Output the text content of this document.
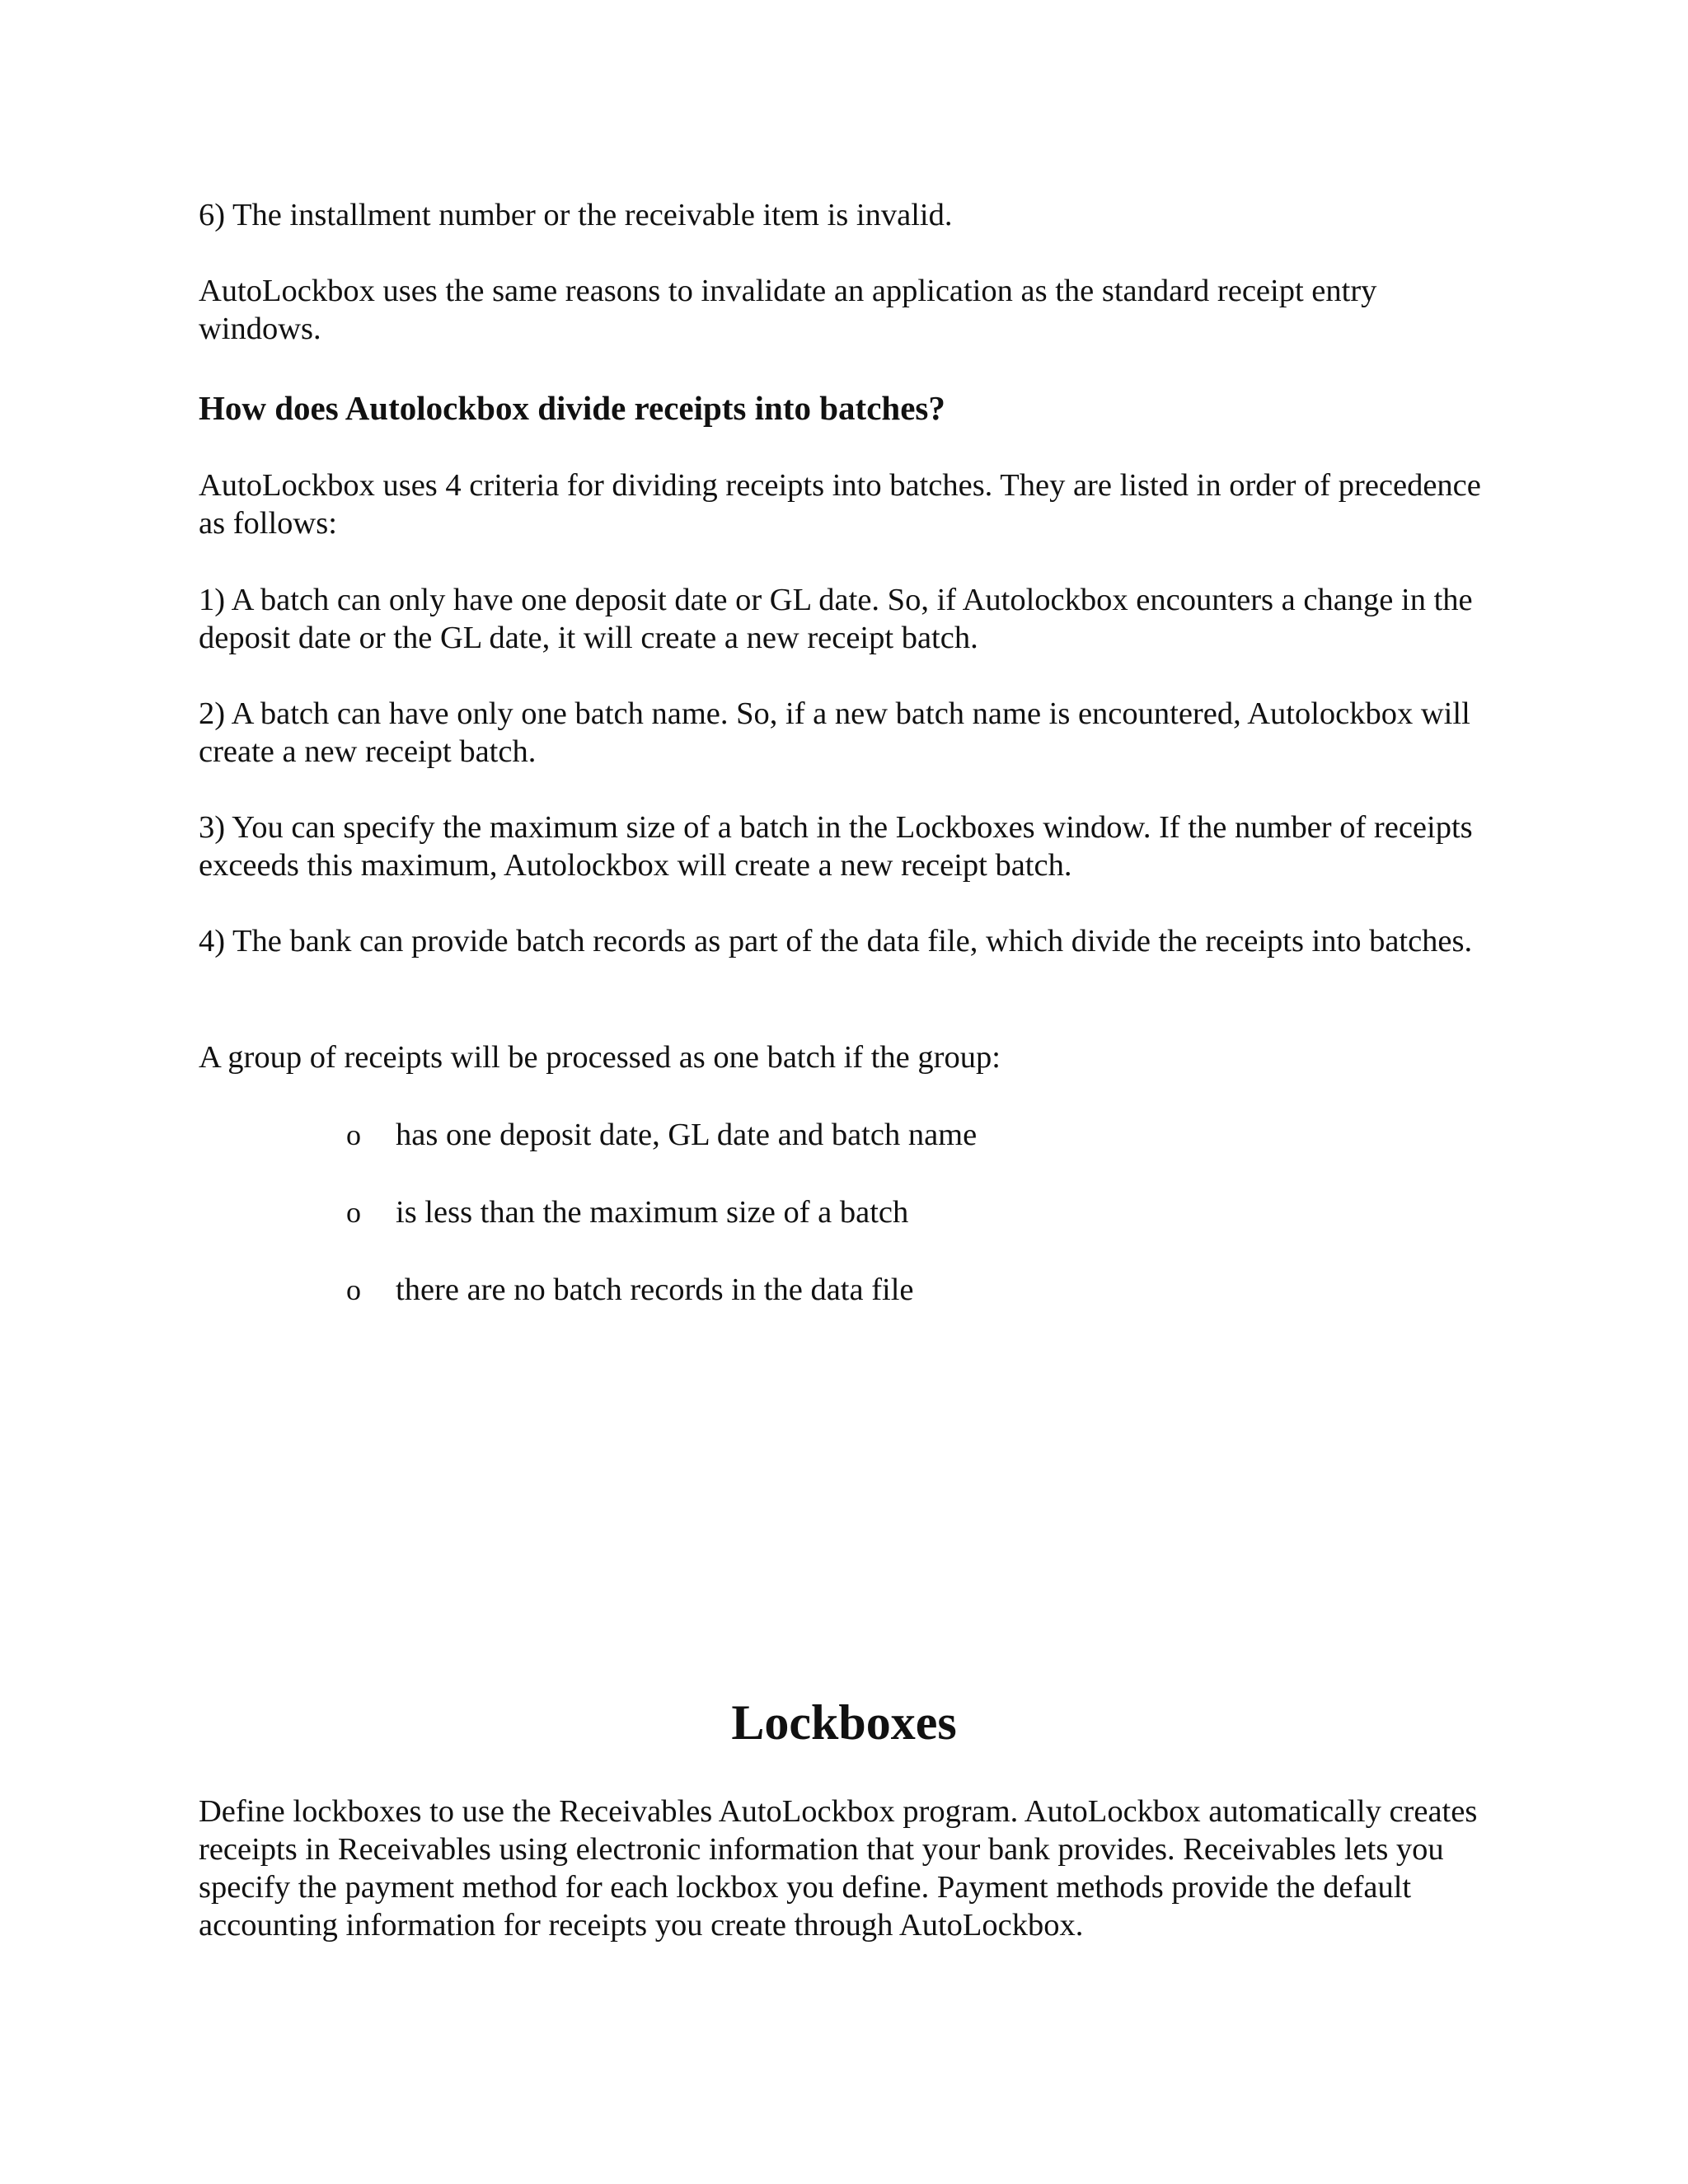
6) The installment number or the receivable item is invalid.

AutoLockbox uses the same reasons to invalidate an application as the standard receipt entry windows.

How does Autolockbox divide receipts into batches?

AutoLockbox uses 4 criteria for dividing receipts into batches. They are listed in order of precedence as follows:

1) A batch can only have one deposit date or GL date. So, if Autolockbox encounters a change in the deposit date or the GL date, it will create a new receipt batch.

2) A batch can have only one batch name. So, if a new batch name is encountered, Autolockbox will create a new receipt batch.

3) You can specify the maximum size of a batch in the Lockboxes window. If the number of receipts exceeds this maximum, Autolockbox will create a new receipt batch.

4) The bank can provide batch records as part of the data file, which divide the receipts into batches.

A group of receipts will be processed as one batch if the group:

o has one deposit date, GL date and batch name
o is less than the maximum size of a batch
o there are no batch records in the data file
Lockboxes

Define lockboxes to use the Receivables AutoLockbox program. AutoLockbox automatically creates receipts in Receivables using electronic information that your bank provides. Receivables lets you specify the payment method for each lockbox you define. Payment methods provide the default accounting information for receipts you create through AutoLockbox.
